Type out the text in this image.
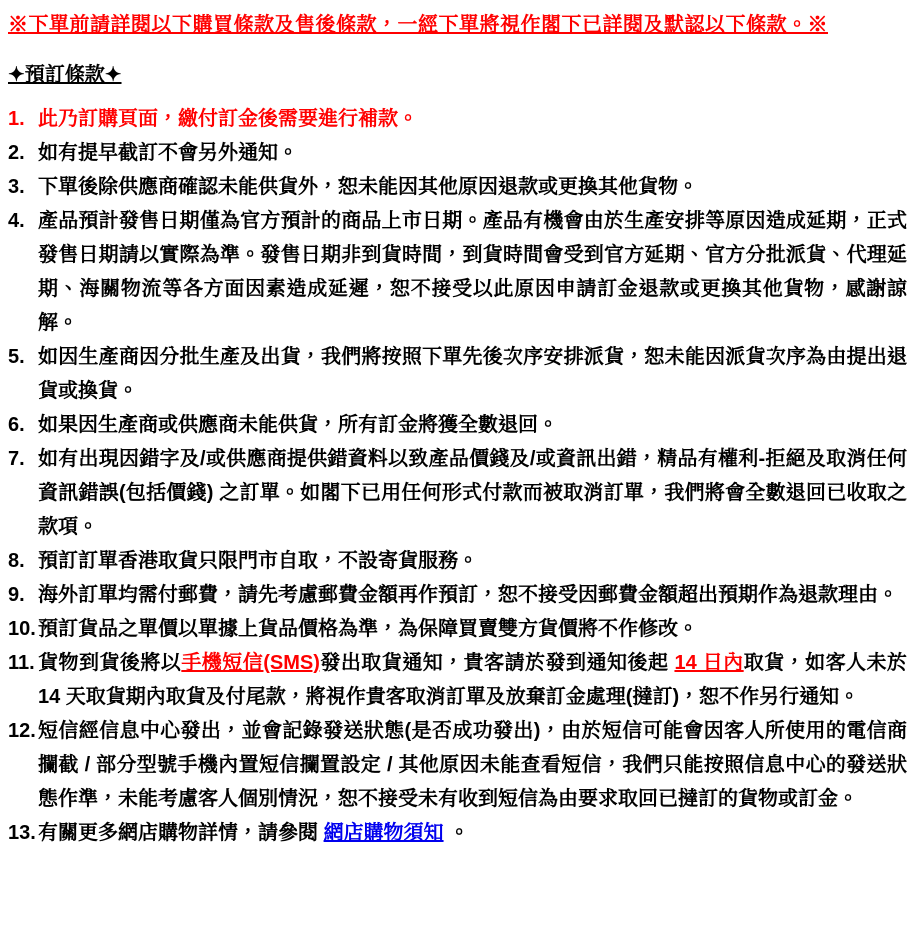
※下單前請詳閱以下購買條款及售後條款，一經下單將視作閣下已詳閱及默認以下條款。※

✦預訂條款✦

1. 此乃訂購頁面，繳付訂金後需要進行補款。
2. 如有提早截訂不會另外通知。
3. 下單後除供應商確認未能供貨外，恕未能因其他原因退款或更換其他貨物。
4. 產品預計發售日期僅為官方預計的商品上市日期。產品有機會由於生產安排等原因造成延期，正式發售日期請以實際為準。發售日期非到貨時間，到貨時間會受到官方延期、官方分批派貨、代理延期、海關物流等各方面因素造成延遲，恕不接受以此原因申請訂金退款或更換其他貨物，感謝諒解。
5. 如因生產商因分批生產及出貨，我們將按照下單先後次序安排派貨，恕未能因派貨次序為由提出退貨或換貨。
6. 如果因生產商或供應商未能供貨，所有訂金將獲全數退回。
7. 如有出現因錯字及/或供應商提供錯資料以致產品價錢及/或資訊出錯，精品有權利-拒絕及取消任何資訊錯誤(包括價錢) 之訂單。如閣下已用任何形式付款而被取消訂單，我們將會全數退回已收取之款項。
8. 預訂訂單香港取貨只限門市自取，不設寄貨服務。
9. 海外訂單均需付郵費，請先考慮郵費金額再作預訂，恕不接受因郵費金額超出預期作為退款理由。
10. 預訂貨品之單價以單據上貨品價格為準，為保障買賣雙方貨價將不作修改。
11. 貨物到貨後將以手機短信(SMS)發出取貨通知，貴客請於發到通知後起 14 日內取貨，如客人未於 14 天取貨期內取貨及付尾款，將視作貴客取消訂單及放棄訂金處理(撻訂)，恕不作另行通知。
12. 短信經信息中心發出，並會記錄發送狀態(是否成功發出)，由於短信可能會因客人所使用的電信商攔截 / 部分型號手機內置短信攔置設定 / 其他原因未能查看短信，我們只能按照信息中心的發送狀態作準，未能考慮客人個別情況，恕不接受未有收到短信為由要求取回已撻訂的貨物或訂金。
13. 有關更多網店購物詳情，請參閱 網店購物須知 。
